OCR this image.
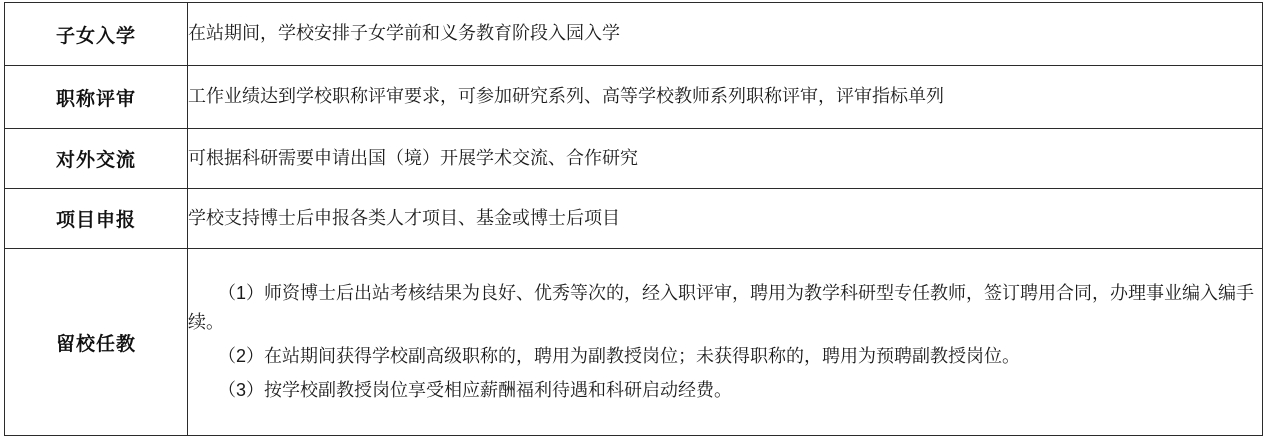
子女入学	在站期间，学校安排子女学前和义务教育阶段入园入学

职称评审	工作业绩达到学校职称评审要求，可参加研究系列、高等学校教师系列职称评审，评审指标单列

对外交流	可根据科研需要申请出国（境）开展学术交流、合作研究

项目申报	学校支持博士后申报各类人才项目、基金或博士后项目

留校任教	（1）师资博士后出站考核结果为良好、优秀等次的，经入职评审，聘用为教学科研型专任教师，签订聘用合同，办理事业编入编手续。

（2）在站期间获得学校副高级职称的，聘用为副教授岗位；未获得职称的，聘用为预聘副教授岗位。

（3）按学校副教授岗位享受相应薪酬福利待遇和科研启动经费。
